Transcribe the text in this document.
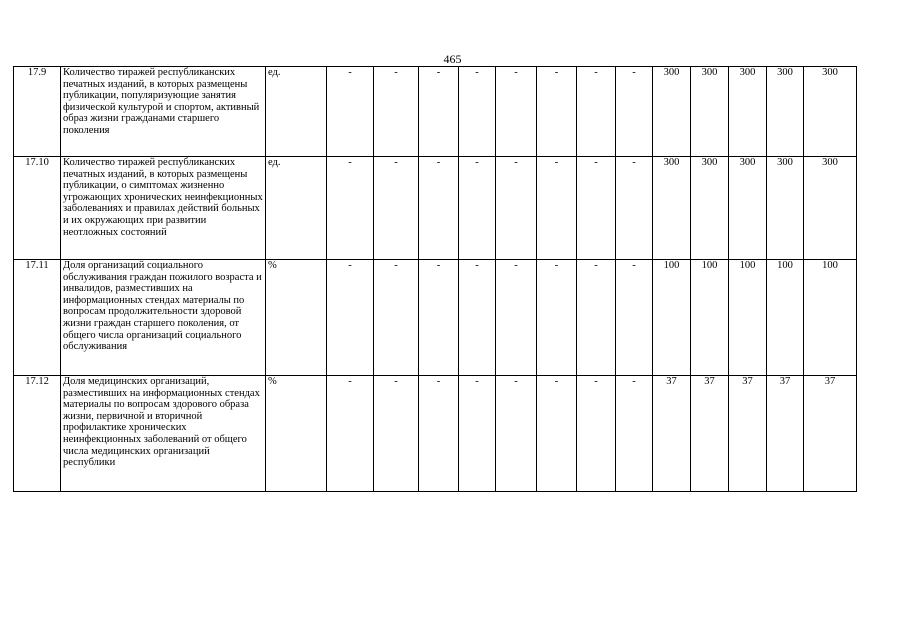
465
17.9	Количество тиражей республиканских печатных изданий, в которых размещены публикации, популяризующие занятия физической культурой и спортом, активный образ жизни гражданами старшего поколения	ед.	-	-	-	-	-	-	-	-	300	300	300	300	300
17.10	Количество тиражей республиканских печатных изданий, в которых размещены публикации, о симптомах жизненно угрожающих хронических неинфекционных заболеваниях и правилах действий больных и их окружающих при развитии неотложных состояний	ед.	-	-	-	-	-	-	-	-	300	300	300	300	300
17.11	Доля организаций социального обслуживания граждан пожилого возраста и инвалидов, разместивших на информационных стендах материалы по вопросам продолжительности здоровой жизни граждан старшего поколения, от общего числа организаций социального обслуживания	%	-	-	-	-	-	-	-	-	100	100	100	100	100
17.12	Доля медицинских организаций, разместивших на информационных стендах материалы по вопросам здорового образа жизни, первичной и вторичной профилактике хронических неинфекционных заболеваний от общего числа медицинских организаций республики	%	-	-	-	-	-	-	-	-	37	37	37	37	37
